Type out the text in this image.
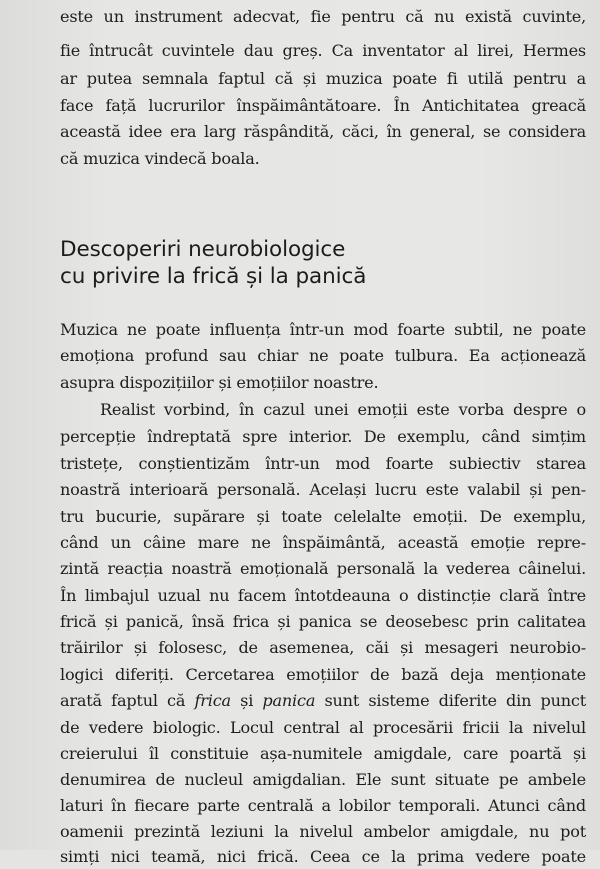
este un instrument adecvat, fie pentru că nu există cuvinte,
fie întrucât cuvintele dau greș. Ca inventator al lirei, Hermes
ar putea semnala faptul că și muzica poate fi utilă pentru a
face față lucrurilor înspăimântătoare. În Antichitatea greacă
această idee era larg răspândită, căci, în general, se considera
că muzica vindecă boala.
Descoperiri neurobiologice
cu privire la frică și la panică
Muzica ne poate influența într-un mod foarte subtil, ne poate
emoționa profund sau chiar ne poate tulbura. Ea acționează
asupra dispozițiilor și emoțiilor noastre.
Realist vorbind, în cazul unei emoții este vorba despre o
percepție îndreptată spre interior. De exemplu, când simțim
tristețe, conștientizăm într-un mod foarte subiectiv starea
noastră interioară personală. Același lucru este valabil și pen-
tru bucurie, supărare și toate celelalte emoții. De exemplu,
când un câine mare ne înspăimântă, această emoție repre-
zintă reacția noastră emoțională personală la vederea câinelui.
În limbajul uzual nu facem întotdeauna o distincție clară între
frică și panică, însă frica și panica se deosebesc prin calitatea
trăirilor și folosesc, de asemenea, căi și mesageri neurobio-
logici diferiți. Cercetarea emoțiilor de bază deja menționate
arată faptul că frica și panica sunt sisteme diferite din punct
de vedere biologic. Locul central al procesării fricii la nivelul
creierului îl constituie așa-numitele amigdale, care poartă și
denumirea de nucleul amigdalian. Ele sunt situate pe ambele
laturi în fiecare parte centrală a lobilor temporali. Atunci când
oamenii prezintă leziuni la nivelul ambelor amigdale, nu pot
simți nici teamă, nici frică. Ceea ce la prima vedere poate
